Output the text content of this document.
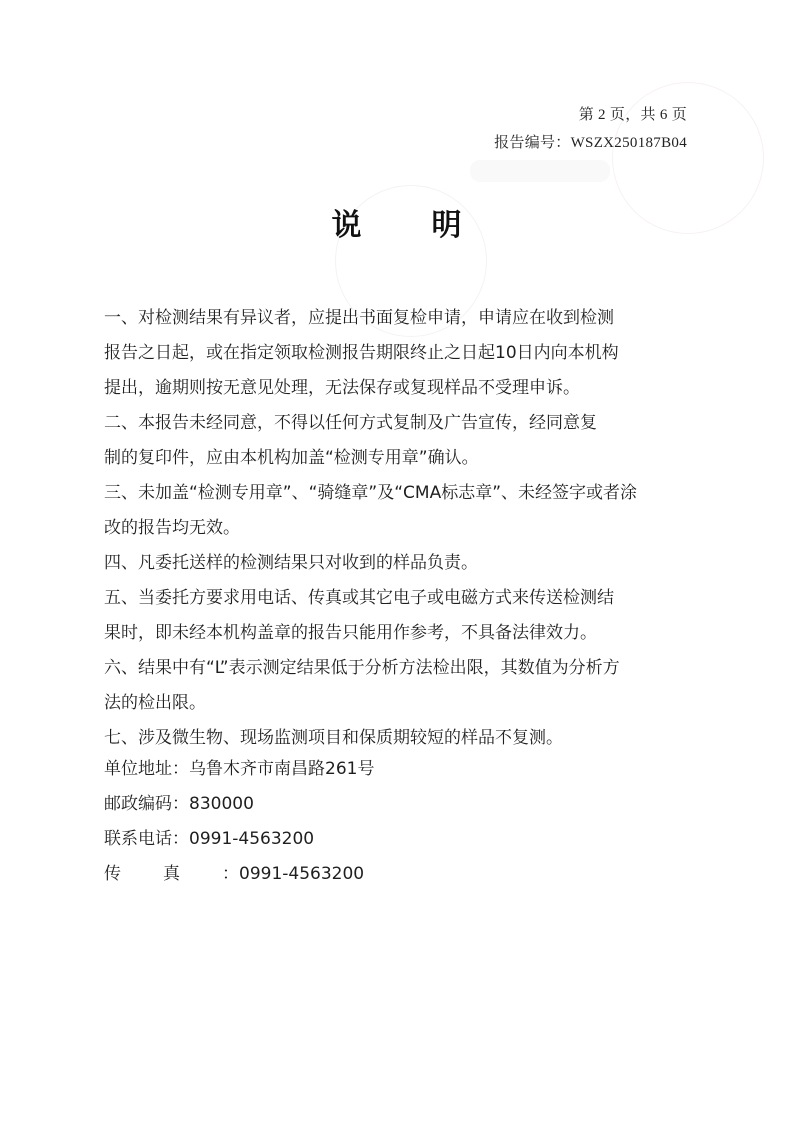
第 2 页，共 6 页
报告编号：WSZX250187B04
说明

一、对检测结果有异议者，应提出书面复检申请，申请应在收到检测

报告之日起，或在指定领取检测报告期限终止之日起10日内向本机构

提出，逾期则按无意见处理，无法保存或复现样品不受理申诉。

二、本报告未经同意，不得以任何方式复制及广告宣传，经同意复

制的复印件，应由本机构加盖“检测专用章”确认。

三、未加盖“检测专用章”、“骑缝章”及“CMA标志章”、未经签字或者涂

改的报告均无效。

四、凡委托送样的检测结果只对收到的样品负责。

五、当委托方要求用电话、传真或其它电子或电磁方式来传送检测结

果时，即未经本机构盖章的报告只能用作参考，不具备法律效力。

六、结果中有“L”表示测定结果低于分析方法检出限，其数值为分析方

法的检出限。

七、涉及微生物、现场监测项目和保质期较短的样品不复测。

单位地址：乌鲁木齐市南昌路261号
邮政编码：830000
联系电话：0991-4563200
传真：0991-4563200
